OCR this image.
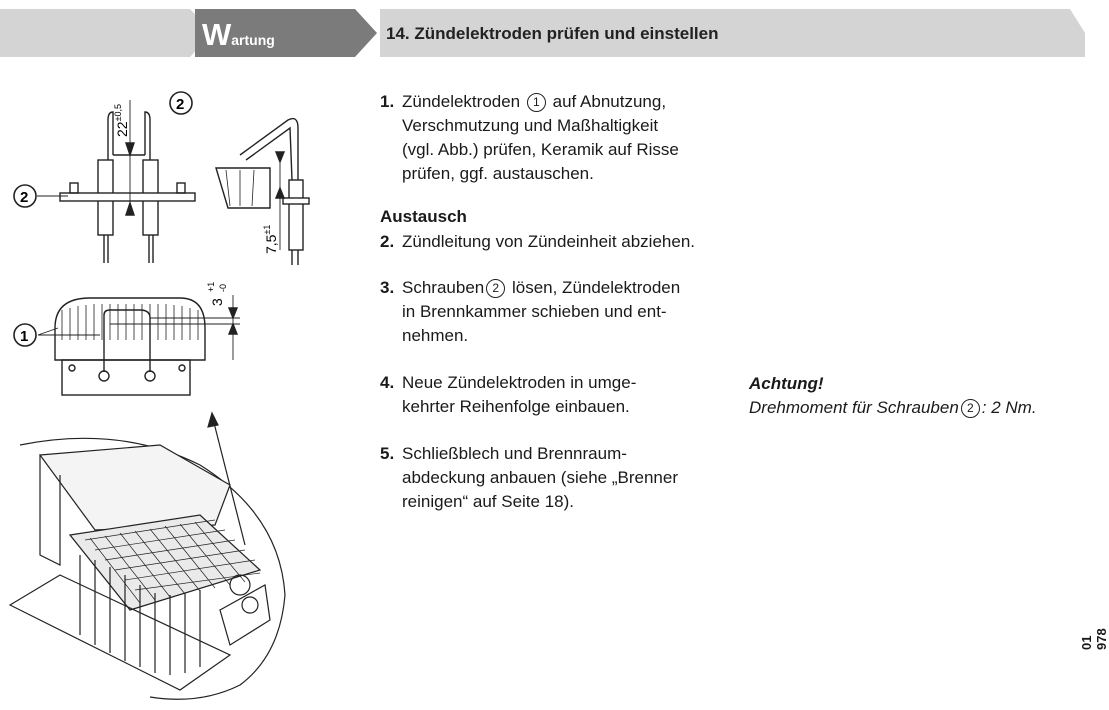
Wartung	14. Zündelektroden prüfen und einstellen
2
2
$22^{\pm 0,5}$
$7,5^{\pm 1}$
1
3
+1 -0
1. Zündelektroden 1 auf Abnutzung,
Verschmutzung und Maßhaltigkeit
(vgl. Abb.) prüfen, Keramik auf Risse
prüfen, ggf. austauschen.
Austausch
2. Zündleitung von Zündeinheit abziehen.
3. Schrauben 2 lösen, Zündelektroden
in Brennkammer schieben und ent-
nehmen.
4. Neue Zündelektroden in umge-
kehrter Reihenfolge einbauen.
5. Schließblech und Brennraum-
abdeckung anbauen (siehe „Brenner
reinigen“ auf Seite 18).
Achtung!
Drehmoment für Schrauben 2 : 2 Nm.
01 978
